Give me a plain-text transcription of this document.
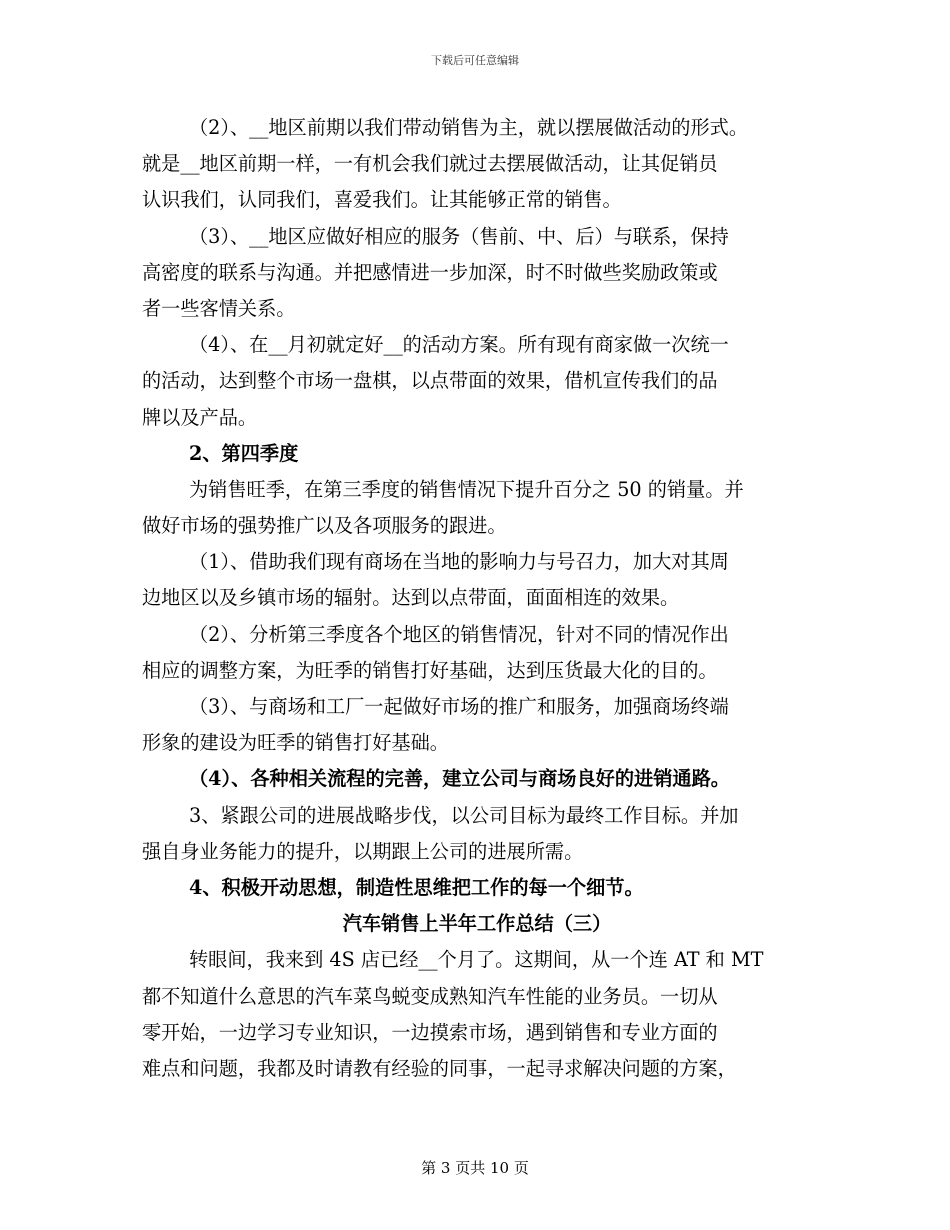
下载后可任意编辑
（2）、__地区前期以我们带动销售为主，就以摆展做活动的形式。
就是__地区前期一样，一有机会我们就过去摆展做活动，让其促销员
认识我们，认同我们，喜爱我们。让其能够正常的销售。
（3）、__地区应做好相应的服务（售前、中、后）与联系，保持
高密度的联系与沟通。并把感情进一步加深，时不时做些奖励政策或
者一些客情关系。
（4）、在__月初就定好__的活动方案。所有现有商家做一次统一
的活动，达到整个市场一盘棋，以点带面的效果，借机宣传我们的品
牌以及产品。
2、第四季度
为销售旺季，在第三季度的销售情况下提升百分之 50 的销量。并
做好市场的强势推广以及各项服务的跟进。
（1）、借助我们现有商场在当地的影响力与号召力，加大对其周
边地区以及乡镇市场的辐射。达到以点带面，面面相连的效果。
（2）、分析第三季度各个地区的销售情况，针对不同的情况作出
相应的调整方案，为旺季的销售打好基础，达到压货最大化的目的。
（3）、与商场和工厂一起做好市场的推广和服务，加强商场终端
形象的建设为旺季的销售打好基础。
（4）、各种相关流程的完善，建立公司与商场良好的进销通路。
3、紧跟公司的进展战略步伐，以公司目标为最终工作目标。并加
强自身业务能力的提升，以期跟上公司的进展所需。
4、积极开动思想，制造性思维把工作的每一个细节。
汽车销售上半年工作总结（三）
转眼间，我来到 4S 店已经__个月了。这期间，从一个连 AT 和 MT
都不知道什么意思的汽车菜鸟蜕变成熟知汽车性能的业务员。一切从
零开始，一边学习专业知识，一边摸索市场，遇到销售和专业方面的
难点和问题，我都及时请教有经验的同事，一起寻求解决问题的方案，
第 3 页共 10 页
